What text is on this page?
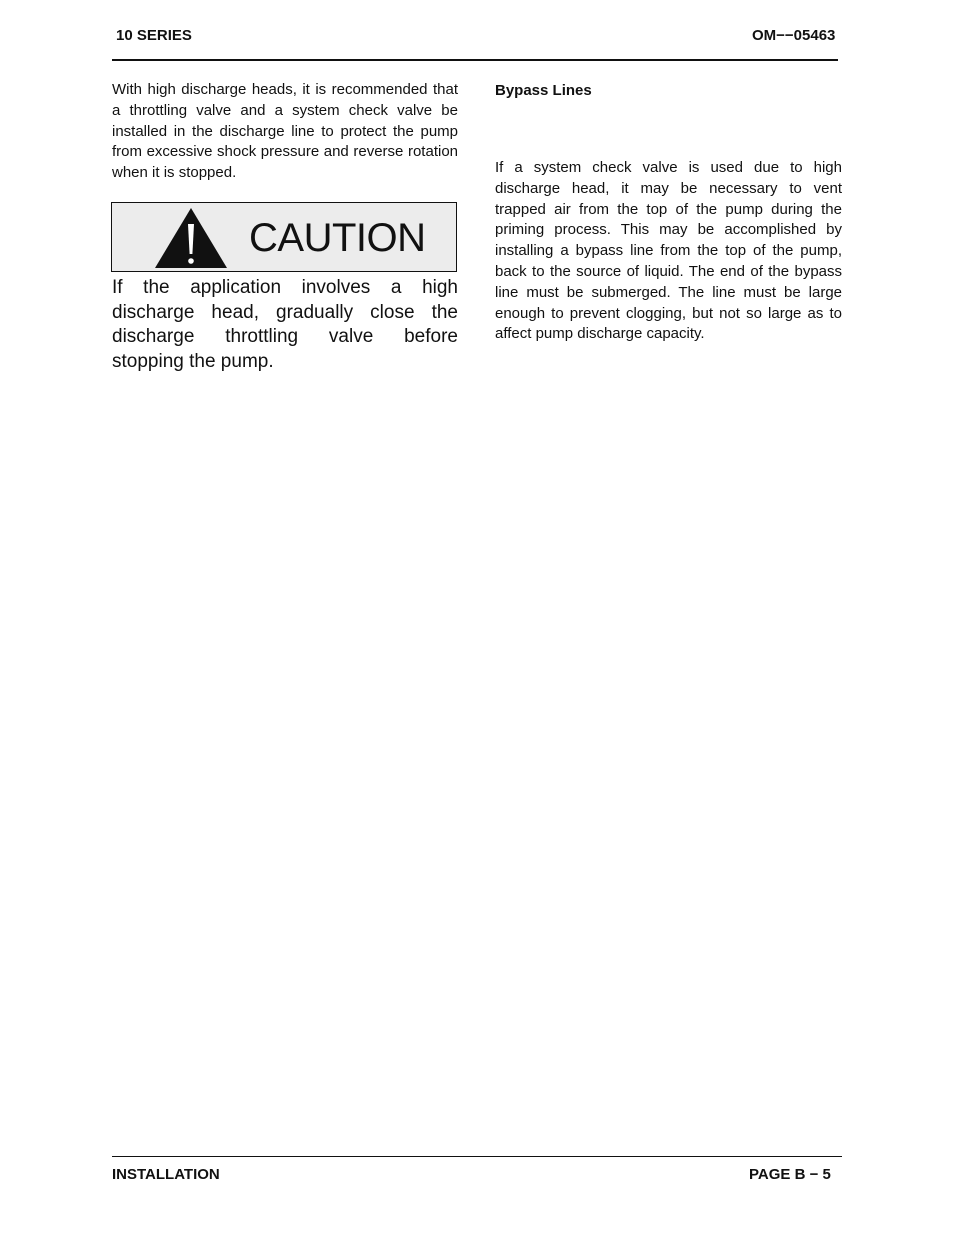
10 SERIES	OM−−05463

With high discharge heads, it is recommended that a throttling valve and a system check valve be installed in the discharge line to protect the pump from excessive shock pressure and reverse rotation when it is stopped.

CAUTION

If the application involves a high discharge head, gradually close the discharge throttling valve before stopping the pump.

Bypass Lines

If a system check valve is used due to high discharge head, it may be necessary to vent trapped air from the top of the pump during the priming process. This may be accomplished by installing a bypass line from the top of the pump, back to the source of liquid. The end of the bypass line must be submerged. The line must be large enough to prevent clogging, but not so large as to affect pump discharge capacity.

INSTALLATION	PAGE B − 5
